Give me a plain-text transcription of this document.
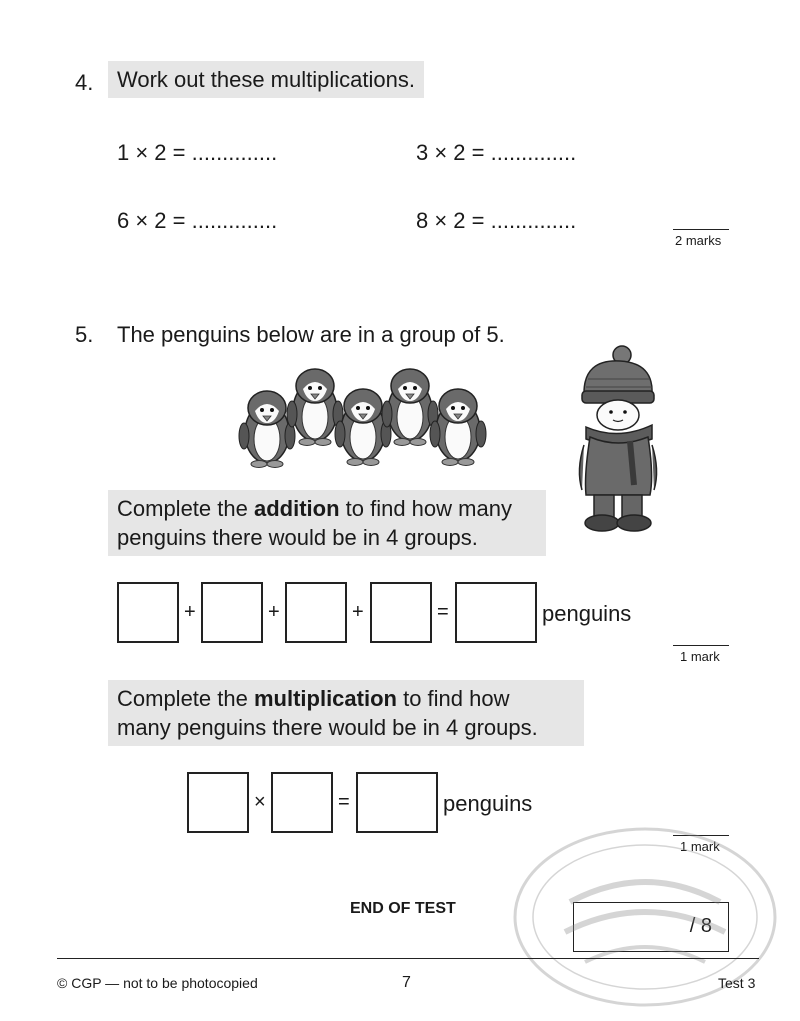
4.	Work out these multiplications.
1 × 2 = ..............	3 × 2 = ..............
6 × 2 = ..............	8 × 2 = ..............
2 marks
5. The penguins below are in a group of 5.
Complete the addition to find how many
penguins there would be in 4 groups.
+	+	+	=	penguins
1 mark
Complete the multiplication to find how
many penguins there would be in 4 groups.
×	=	penguins
1 mark
END OF TEST
/ 8
© CGP — not to be photocopied	7	Test 3
